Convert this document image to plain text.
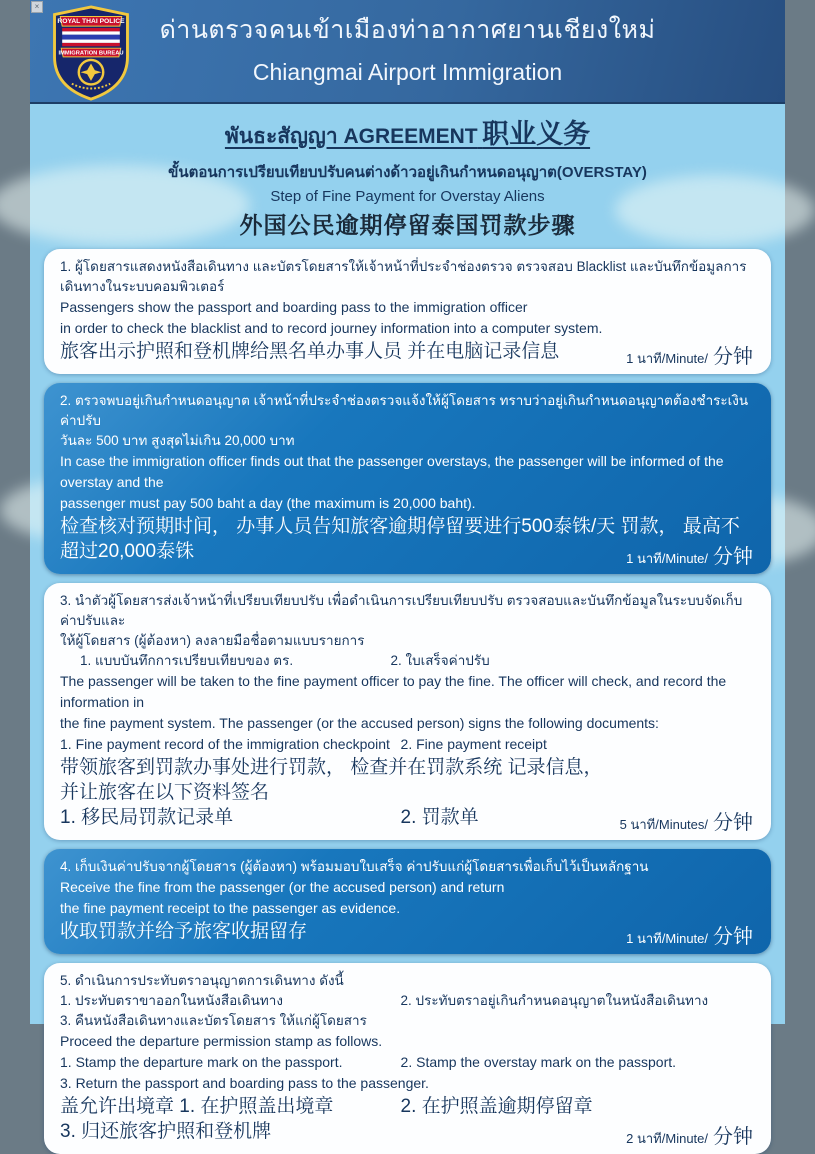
×
ROYAL THAI POLICE
IMMIGRATION BUREAU
ด่านตรวจคนเข้าเมืองท่าอากาศยานเชียงใหม่
Chiangmai Airport Immigration
พันธะสัญญา AGREEMENT 职业义务
ขั้นตอนการเปรียบเทียบปรับคนต่างด้าวอยู่เกินกำหนดอนุญาต(OVERSTAY)
Step of Fine Payment for Overstay Aliens
外国公民逾期停留泰国罚款步骤
1. ผู้โดยสารแสดงหนังสือเดินทาง และบัตรโดยสารให้เจ้าหน้าที่ประจำช่องตรวจ ตรวจสอบ Blacklist และบันทึกข้อมูลการเดินทางในระบบคอมพิวเตอร์
Passengers show the passport and boarding pass to the immigration officer
in order to check the blacklist and to record journey information into a computer system.
旅客出示护照和登机牌给黑名单办事人员 并在电脑记录信息	1 นาที/Minute/ 分钟
2. ตรวจพบอยู่เกินกำหนดอนุญาต เจ้าหน้าที่ประจำช่องตรวจแจ้งให้ผู้โดยสาร ทราบว่าอยู่เกินกำหนดอนุญาตต้องชำระเงินค่าปรับ
วันละ 500 บาท สูงสุดไม่เกิน 20,000 บาท
In case the immigration officer finds out that the passenger overstays, the passenger will be informed of the overstay and the
passenger must pay 500 baht a day (the maximum is 20,000 baht).
检查核对预期时间， 办事人员告知旅客逾期停留要进行500泰铢/天 罚款， 最高不超过20,000泰铢	1 นาที/Minute/ 分钟
3. นำตัวผู้โดยสารส่งเจ้าหน้าที่เปรียบเทียบปรับ เพื่อดำเนินการเปรียบเทียบปรับ ตรวจสอบและบันทึกข้อมูลในระบบจัดเก็บค่าปรับและ
ให้ผู้โดยสาร (ผู้ต้องหา) ลงลายมือชื่อตามแบบรายการ
1. แบบบันทึกการเปรียบเทียบของ ตร.	2. ใบเสร็จค่าปรับ
The passenger will be taken to the fine payment officer to pay the fine. The officer will check, and record the information in
the fine payment system. The passenger (or the accused person) signs the following documents:
1. Fine payment record of the immigration checkpoint 2. Fine payment receipt
带领旅客到罚款办事处进行罚款， 检查并在罚款系统 记录信息，
并让旅客在以下资料签名
1. 移民局罚款记录单	2. 罚款单	5 นาที/Minutes/ 分钟
4. เก็บเงินค่าปรับจากผู้โดยสาร (ผู้ต้องหา) พร้อมมอบใบเสร็จ ค่าปรับแก่ผู้โดยสารเพื่อเก็บไว้เป็นหลักฐาน
Receive the fine from the passenger (or the accused person) and return
the fine payment receipt to the passenger as evidence.
收取罚款并给予旅客收据留存	1 นาที/Minute/ 分钟
5. ดำเนินการประทับตราอนุญาตการเดินทาง ดังนี้
1. ประทับตราขาออกในหนังสือเดินทาง	2. ประทับตราอยู่เกินกำหนดอนุญาตในหนังสือเดินทาง
3. คืนหนังสือเดินทางและบัตรโดยสาร ให้แก่ผู้โดยสาร
Proceed the departure permission stamp as follows.
1. Stamp the departure mark on the passport.	2. Stamp the overstay mark on the passport.
3. Return the passport and boarding pass to the passenger.
盖允许出境章 1. 在护照盖出境章	2. 在护照盖逾期停留章
3. 归还旅客护照和登机牌	2 นาที/Minute/ 分钟
